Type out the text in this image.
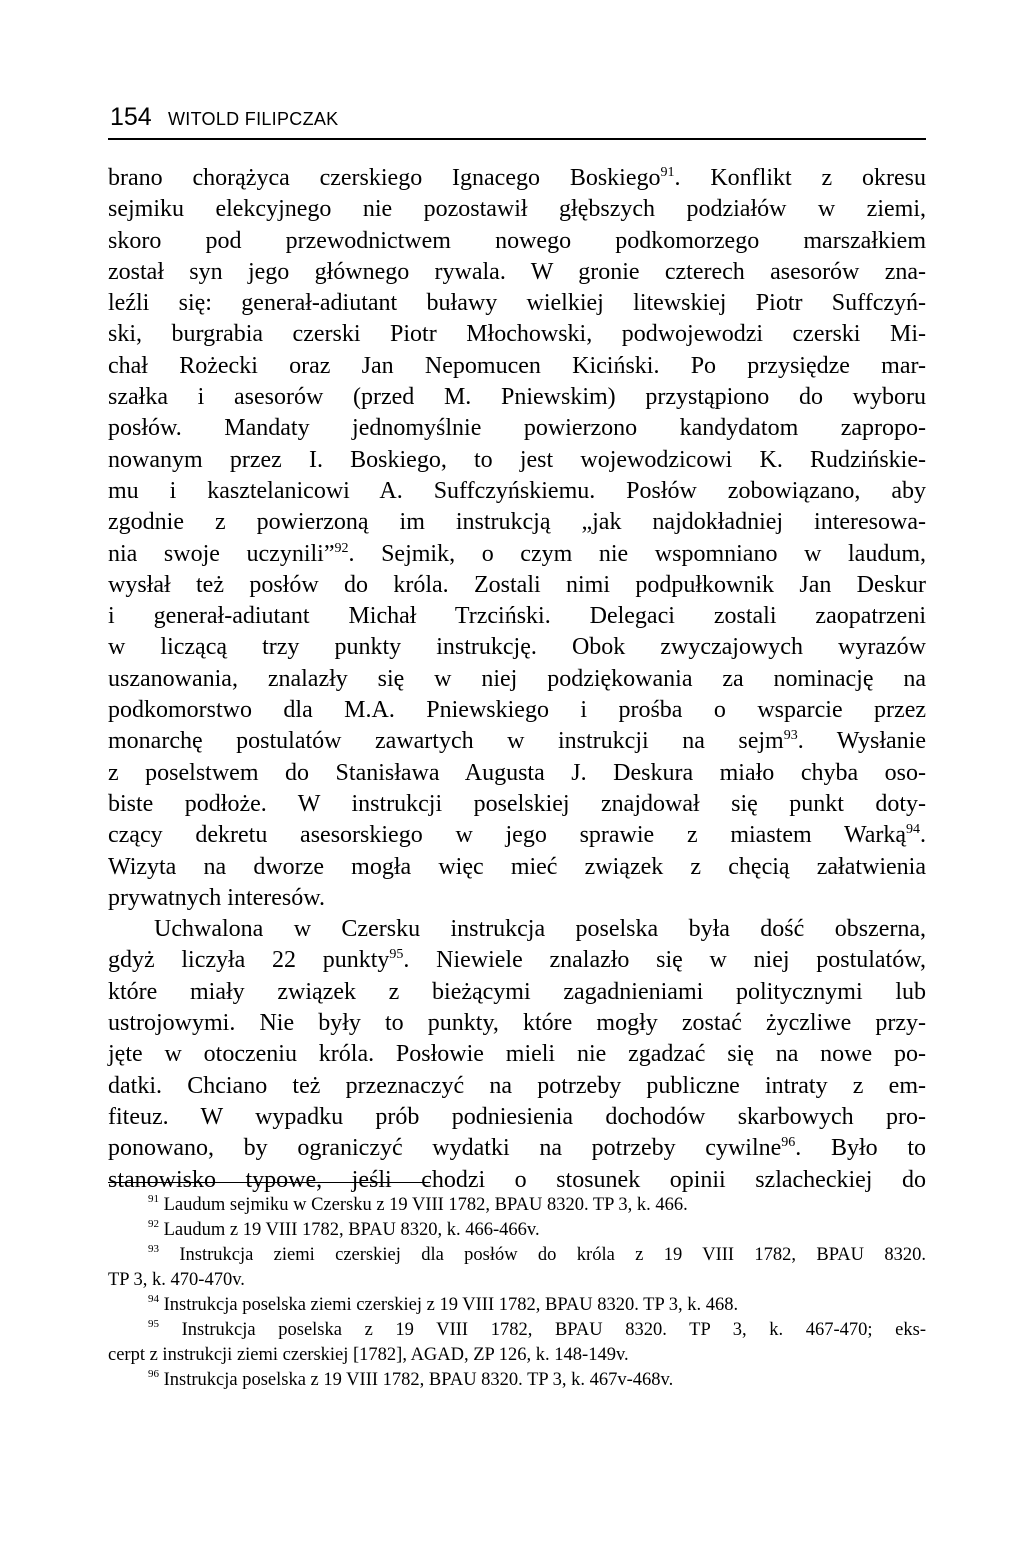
154 WITOLD FILIPCZAK
brano chorążyca czerskiego Ignacego Boskiego$^{91}$. Konflikt z okresu
sejmiku elekcyjnego nie pozostawił głębszych podziałów w ziemi,
skoro pod przewodnictwem nowego podkomorzego marszałkiem
został syn jego głównego rywala. W gronie czterech asesorów zna-
leźli się: generał-adiutant buławy wielkiej litewskiej Piotr Suffczyń-
ski, burgrabia czerski Piotr Młochowski, podwojewodzi czerski Mi-
chał Rożecki oraz Jan Nepomucen Kiciński. Po przysiędze mar-
szałka i asesorów (przed M. Pniewskim) przystąpiono do wyboru
posłów. Mandaty jednomyślnie powierzono kandydatom zapropo-
nowanym przez I. Boskiego, to jest wojewodzicowi K. Rudzińskie-
mu i kasztelanicowi A. Suffczyńskiemu. Posłów zobowiązano, aby
zgodnie z powierzoną im instrukcją „jak najdokładniej interesowa-
nia swoje uczynili”$^{92}$. Sejmik, o czym nie wspomniano w laudum,
wysłał też posłów do króla. Zostali nimi podpułkownik Jan Deskur
i generał-adiutant Michał Trzciński. Delegaci zostali zaopatrzeni
w liczącą trzy punkty instrukcję. Obok zwyczajowych wyrazów
uszanowania, znalazły się w niej podziękowania za nominację na
podkomorstwo dla M.A. Pniewskiego i prośba o wsparcie przez
monarchę postulatów zawartych w instrukcji na sejm$^{93}$. Wysłanie
z poselstwem do Stanisława Augusta J. Deskura miało chyba oso-
biste podłoże. W instrukcji poselskiej znajdował się punkt doty-
czący dekretu asesorskiego w jego sprawie z miastem Warką$^{94}$.
Wizyta na dworze mogła więc mieć związek z chęcią załatwienia
prywatnych interesów.
Uchwalona w Czersku instrukcja poselska była dość obszerna,
gdyż liczyła 22 punkty$^{95}$. Niewiele znalazło się w niej postulatów,
które miały związek z bieżącymi zagadnieniami politycznymi lub
ustrojowymi. Nie były to punkty, które mogły zostać życzliwe przy-
jęte w otoczeniu króla. Posłowie mieli nie zgadzać się na nowe po-
datki. Chciano też przeznaczyć na potrzeby publiczne intraty z em-
fiteuz. W wypadku prób podniesienia dochodów skarbowych pro-
ponowano, by ograniczyć wydatki na potrzeby cywilne$^{96}$. Było to
stanowisko typowe, jeśli chodzi o stosunek opinii szlacheckiej do
$^{91}$ Laudum sejmiku w Czersku z 19 VIII 1782, BPAU 8320. TP 3, k. 466.
$^{92}$ Laudum z 19 VIII 1782, BPAU 8320, k. 466-466v.
$^{93}$ Instrukcja ziemi czerskiej dla posłów do króla z 19 VIII 1782, BPAU 8320.
TP 3, k. 470-470v.
$^{94}$ Instrukcja poselska ziemi czerskiej z 19 VIII 1782, BPAU 8320. TP 3, k. 468.
$^{95}$ Instrukcja poselska z 19 VIII 1782, BPAU 8320. TP 3, k. 467-470; eks-
cerpt z instrukcji ziemi czerskiej [1782], AGAD, ZP 126, k. 148-149v.
$^{96}$ Instrukcja poselska z 19 VIII 1782, BPAU 8320. TP 3, k. 467v-468v.
